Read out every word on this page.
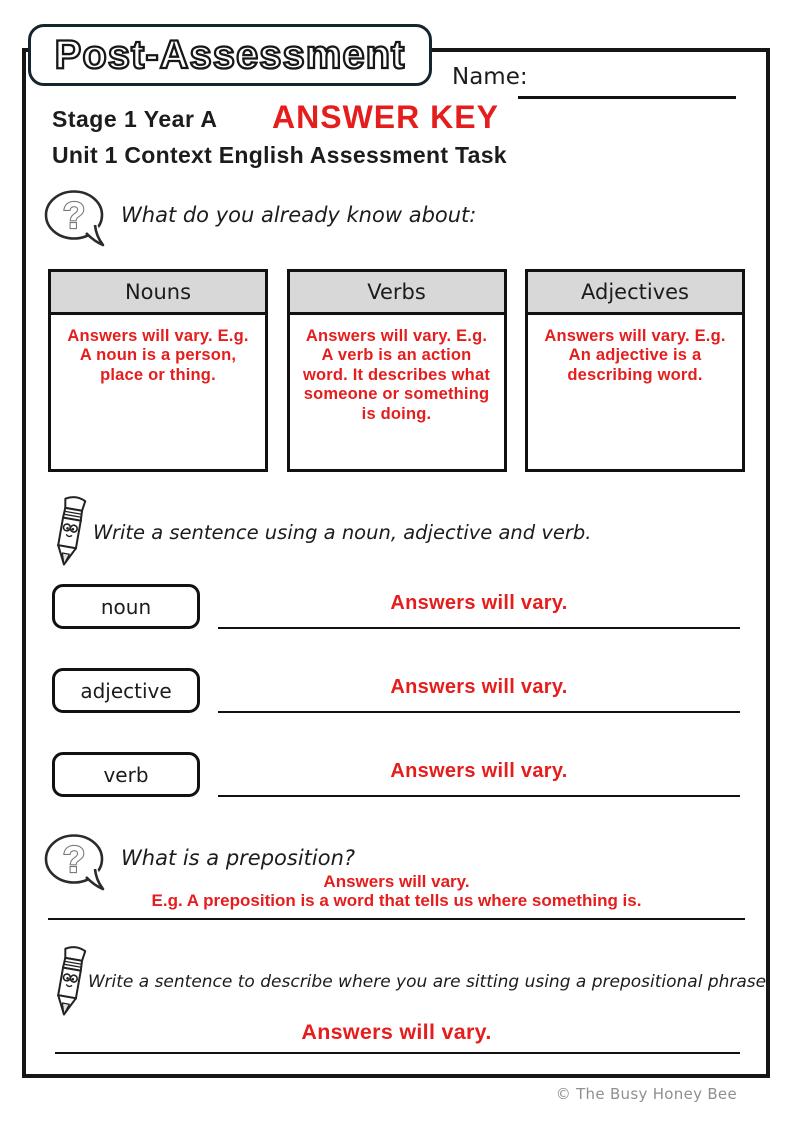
Post-Assessment
Name:
Stage 1 Year A ANSWER KEY
Unit 1 Context English Assessment Task
? What do you already know about:
Nouns
Answers will vary. E.g. A noun is a person, place or thing.
Verbs
Answers will vary. E.g. A verb is an action word. It describes what someone or something is doing.
Adjectives
Answers will vary. E.g. An adjective is a describing word.
Write a sentence using a noun, adjective and verb.
noun	Answers will vary.
adjective	Answers will vary.
verb	Answers will vary.
? What is a preposition?
Answers will vary.
E.g. A preposition is a word that tells us where something is.
Write a sentence to describe where you are sitting using a prepositional phrase.
Answers will vary.
© The Busy Honey Bee
